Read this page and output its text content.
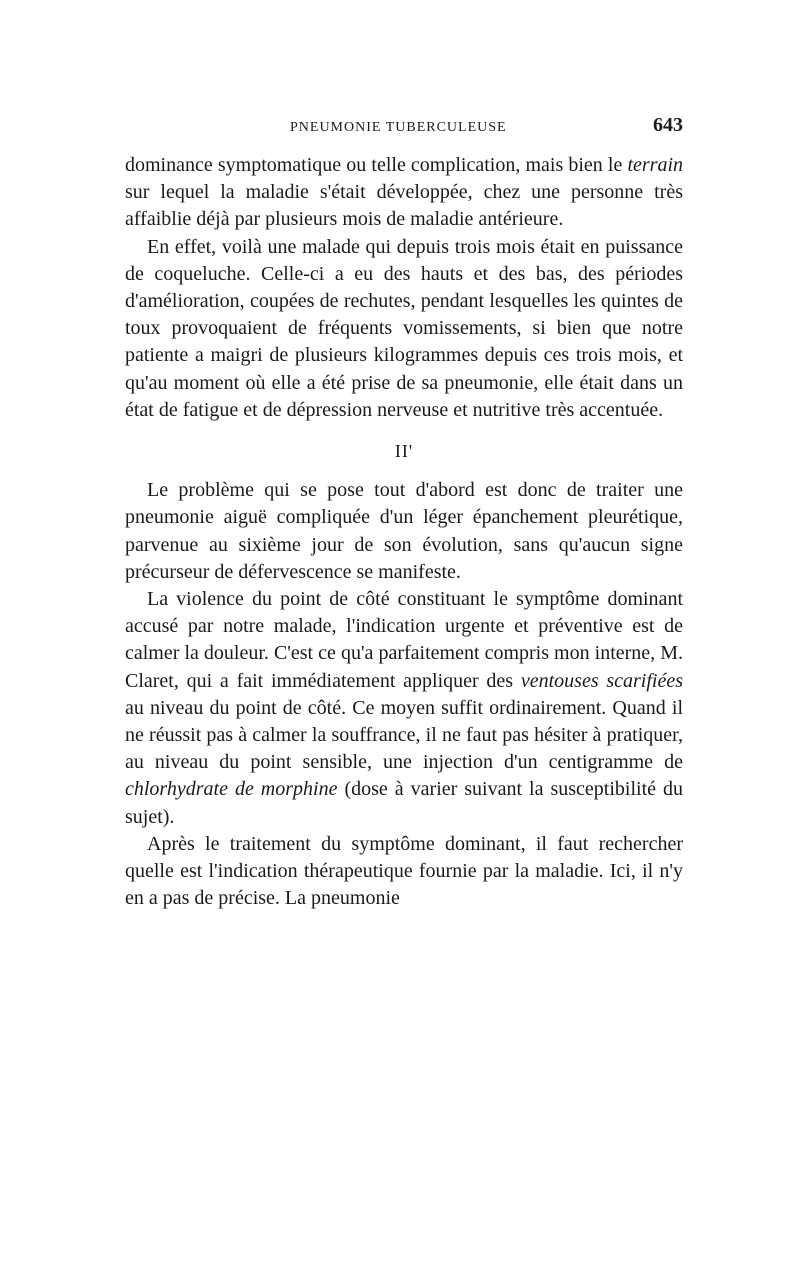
PNEUMONIE TUBERCULEUSE	643

dominance symptomatique ou telle complication, mais bien le terrain sur lequel la maladie s'était développée, chez une personne très affaiblie déjà par plusieurs mois de maladie antérieure.

En effet, voilà une malade qui depuis trois mois était en puissance de coqueluche. Celle-ci a eu des hauts et des bas, des périodes d'amélioration, coupées de rechutes, pendant lesquelles les quintes de toux provoquaient de fréquents vomissements, si bien que notre patiente a maigri de plusieurs kilogrammes depuis ces trois mois, et qu'au moment où elle a été prise de sa pneumonie, elle était dans un état de fatigue et de dépression nerveuse et nutritive très accentuée.

II'

Le problème qui se pose tout d'abord est donc de traiter une pneumonie aiguë compliquée d'un léger épanchement pleurétique, parvenue au sixième jour de son évolution, sans qu'aucun signe précurseur de défervescence se manifeste.

La violence du point de côté constituant le symptôme dominant accusé par notre malade, l'indication urgente et préventive est de calmer la douleur. C'est ce qu'a parfaitement compris mon interne, M. Claret, qui a fait immédiatement appliquer des ventouses scarifiées au niveau du point de côté. Ce moyen suffit ordinairement. Quand il ne réussit pas à calmer la souffrance, il ne faut pas hésiter à pratiquer, au niveau du point sensible, une injection d'un centigramme de chlorhydrate de morphine (dose à varier suivant la susceptibilité du sujet).

Après le traitement du symptôme dominant, il faut rechercher quelle est l'indication thérapeutique fournie par la maladie. Ici, il n'y en a pas de précise. La pneumonie
